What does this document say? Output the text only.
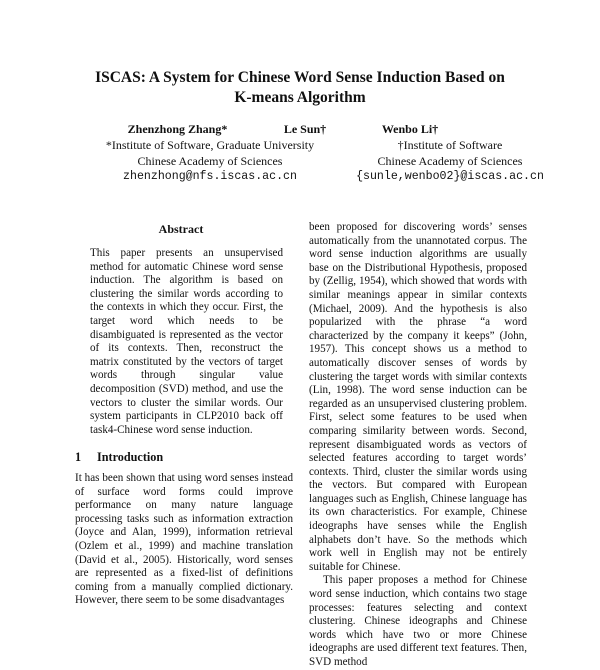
ISCAS: A System for Chinese Word Sense Induction Based on
K-means Algorithm
Zhenzhong Zhang*	Le Sun†	Wenbo Li†
*Institute of Software, Graduate University
Chinese Academy of Sciences
zhenzhong@nfs.iscas.ac.cn
†Institute of Software
Chinese Academy of Sciences
{sunle,wenbo02}@iscas.ac.cn
Abstract

This paper presents an unsupervised method for automatic Chinese word sense induction. The algorithm is based on clustering the similar words according to the contexts in which they occur. First, the target word which needs to be disambiguated is represented as the vector of its contexts. Then, reconstruct the matrix constituted by the vectors of target words through singular value decomposition (SVD) method, and use the vectors to cluster the similar words. Our system participants in CLP2010 back off task4-Chinese word sense induction.

1 Introduction

It has been shown that using word senses instead of surface word forms could improve performance on many nature language processing tasks such as information extraction (Joyce and Alan, 1999), information retrieval (Ozlem et al., 1999) and machine translation (David et al., 2005). Historically, word senses are represented as a fixed-list of definitions coming from a manually complied dictionary. However, there seem to be some disadvantages

been proposed for discovering words’ senses automatically from the unannotated corpus. The word sense induction algorithms are usually base on the Distributional Hypothesis, proposed by (Zellig, 1954), which showed that words with similar meanings appear in similar contexts (Michael, 2009). And the hypothesis is also popularized with the phrase “a word characterized by the company it keeps” (John, 1957). This concept shows us a method to automatically discover senses of words by clustering the target words with similar contexts (Lin, 1998). The word sense induction can be regarded as an unsupervised clustering problem. First, select some features to be used when comparing similarity between words. Second, represent disambiguated words as vectors of selected features according to target words’ contexts. Third, cluster the similar words using the vectors. But compared with European languages such as English, Chinese language has its own characteristics. For example, Chinese ideographs have senses while the English alphabets don’t have. So the methods which work well in English may not be entirely suitable for Chinese.

This paper proposes a method for Chinese word sense induction, which contains two stage processes: features selecting and context clustering. Chinese ideographs and Chinese words which have two or more Chinese ideographs are used different text features. Then, SVD method
